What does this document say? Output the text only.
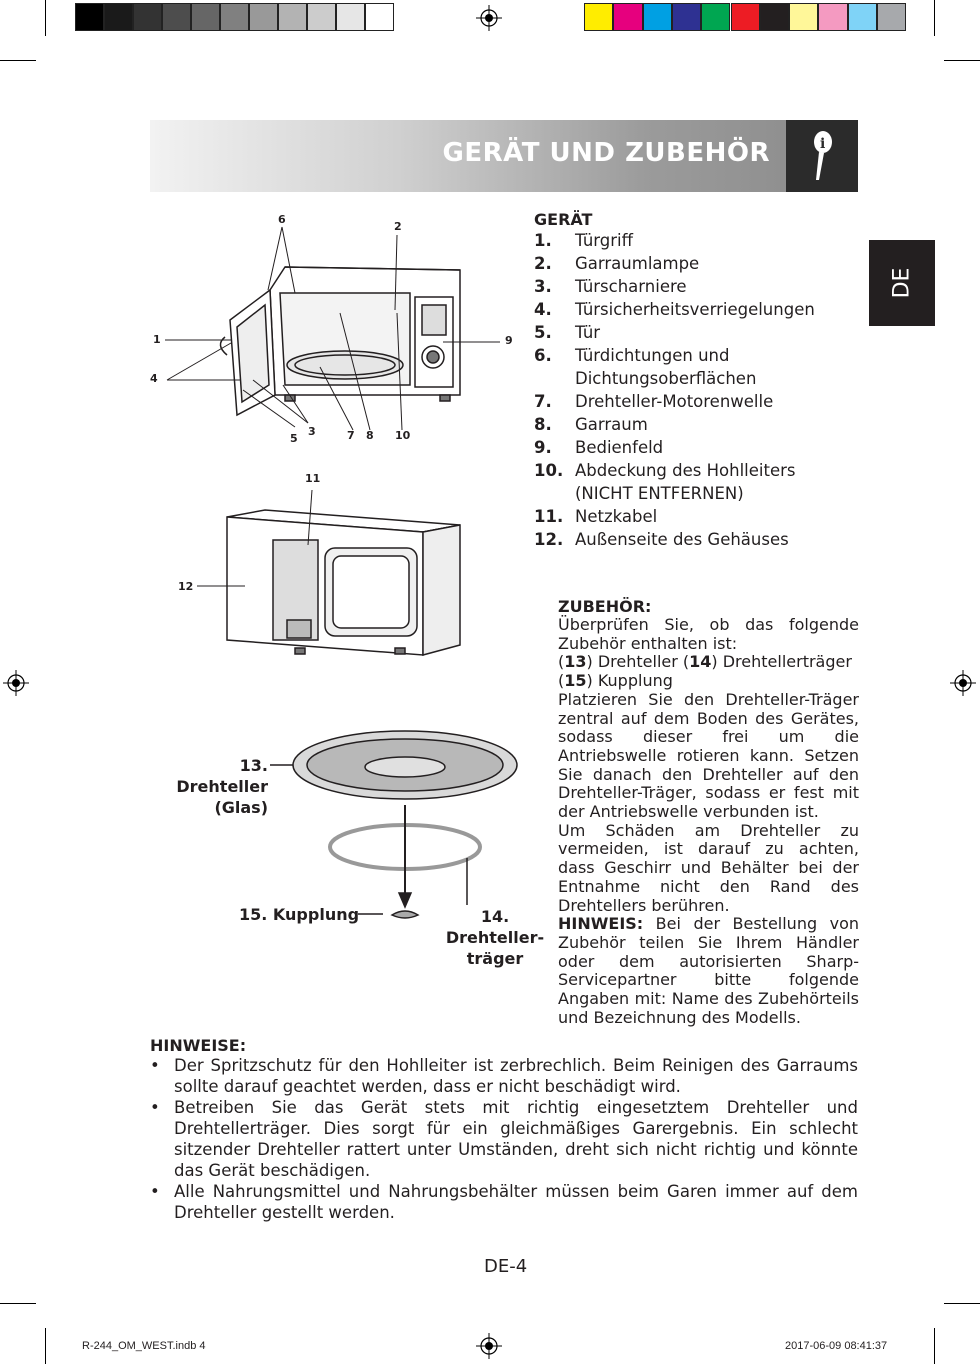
GERÄT UND ZUBEHÖR	i
DE
6
2
1	9
4
5
3	7 8 10
11
12
13. Drehteller
(Glas)
15. Kupplung	14. Drehteller-
träger
GERÄT
1. Türgriff
2. Garraumlampe
3. Türscharniere
4. Türsicherheitsverriegelungen
5. Tür
6. Türdichtungen und Dichtungsoberflächen
7. Drehteller-Motorenwelle
8. Garraum
9. Bedienfeld
10. Abdeckung des Hohlleiters (NICHT ENTFERNEN)
11. Netzkabel
12. Außenseite des Gehäuses
ZUBEHÖR:

Überprüfen Sie, ob das folgende Zubehör enthalten ist:

(13) Drehteller (14) Drehtellerträger (15) Kupplung

Platzieren Sie den Drehteller-Träger zentral auf dem Boden des Gerätes, sodass dieser frei um die Antriebswelle rotieren kann. Setzen Sie danach den Drehteller auf den Drehteller-Träger, sodass er fest mit der Antriebswelle verbunden ist.

Um Schäden am Drehteller zu vermeiden, ist darauf zu achten, dass Geschirr und Behälter bei der Entnahme nicht den Rand des Drehtellers berühren.

HINWEIS: Bei der Bestellung von Zubehör teilen Sie Ihrem Händler oder dem autorisierten Sharp-Servicepartner bitte folgende Angaben mit: Name des Zubehörteils und Bezeichnung des Modells.

HINWEISE:
• Der Spritzschutz für den Hohlleiter ist zerbrechlich. Beim Reinigen des Garraums sollte darauf geachtet werden, dass er nicht beschädigt wird.
• Betreiben Sie das Gerät stets mit richtig eingesetztem Drehteller und Drehtellerträger. Dies sorgt für ein gleichmäßiges Garergebnis. Ein schlecht sitzender Drehteller rattert unter Umständen, dreht sich nicht richtig und könnte das Gerät beschädigen.
• Alle Nahrungsmittel und Nahrungsbehälter müssen beim Garen immer auf dem Drehteller gestellt werden.
DE-4
R-244_OM_WEST.indb 4	2017-06-09 08:41:37
